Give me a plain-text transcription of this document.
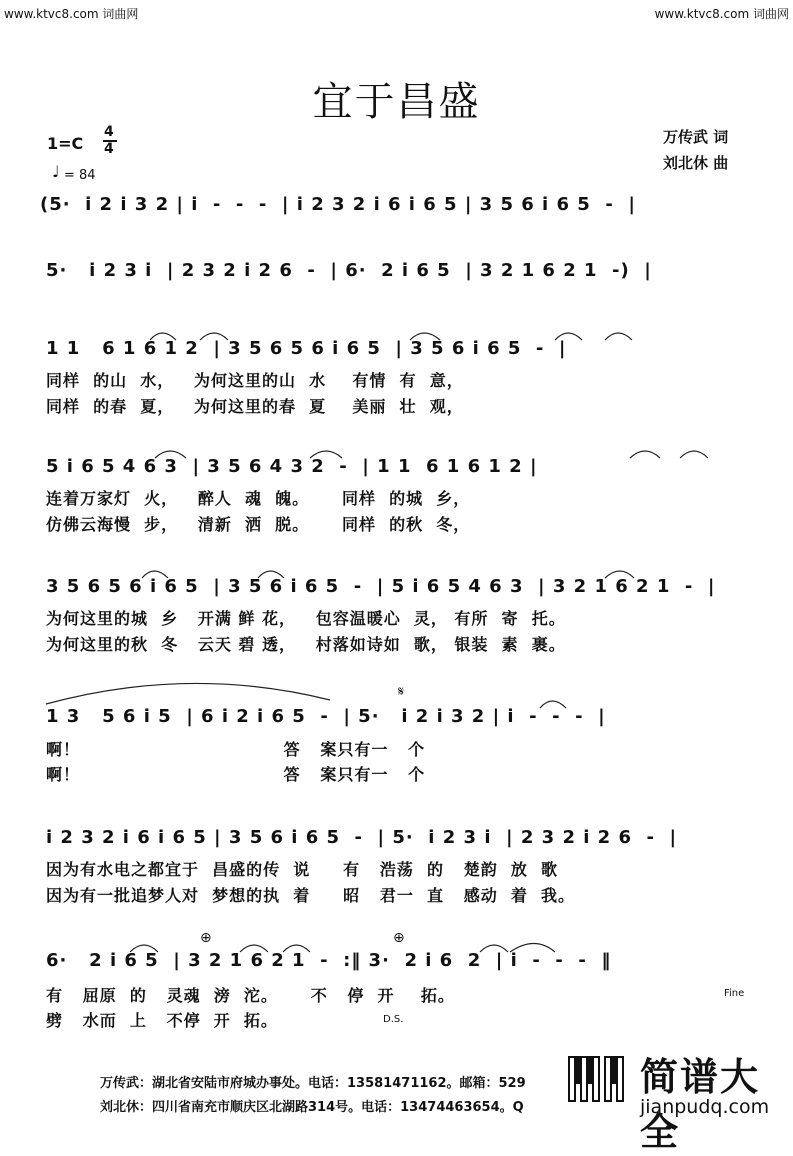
www.ktvc8.com 词曲网	www.ktvc8.com 词曲网
宜于昌盛
1=C
4
4
♩ = 84
万传武 词
刘北休 曲
(5·  i 2 i 3 2 | i  -  -  -  | i 2 3 2 i 6 i 6 5 | 3 5 6 i 6 5  -  |
5·   i 2 3 i  | 2 3 2 i 2 6  -  | 6·  2 i 6 5  | 3 2 1 6 2 1  -)  |
1 1   6 1 6 1 2  | 3 5 6 5 6 i 6 5  | 3 5 6 i 6 5  -  |
同样  的山  水，   为何这里的山  水    有情  有  意，
同样  的春  夏，   为何这里的春  夏    美丽  壮  观，
5 i 6 5 4 6 3  | 3 5 6 4 3 2  -  | 1 1  6 1 6 1 2 |
连着万家灯  火，   醉人  魂  魄。     同样  的城  乡，
仿佛云海慢  步，   清新  洒  脱。     同样  的秋  冬，
3 5 6 5 6 i 6 5  | 3 5 6 i 6 5  -  | 5 i 6 5 4 6 3  | 3 2 1 6 2 1  -  |
为何这里的城  乡   开满 鲜 花，   包容温暖心  灵， 有所  寄  托。
为何这里的秋  冬   云天 碧 透，   村落如诗如  歌， 银装  素  裹。
𝄋
1 3   5 6 i 5  | 6 i 2 i 6 5  -  | 5·   i 2 i 3 2 | i  -  -  -  |
啊！                               答   案只有一   个
啊！                               答   案只有一   个
i 2 3 2 i 6 i 6 5 | 3 5 6 i 6 5  -  | 5·  i 2 3 i  | 2 3 2 i 2 6  -  |
因为有水电之都宜于  昌盛的传  说     有   浩荡  的   楚韵  放  歌
因为有一批追梦人对  梦想的执  着     昭   君一  直   感动  着  我。
⊕	⊕
6·   2 i 6 5  | 3 2 1 6 2 1  -  :‖ 3·  2 i 6  2  | i  -  -  -  ‖
有   屈原  的   灵魂  滂  沱。     不   停  开    拓。
劈   水而  上   不停  开  拓。
Fine
D.S.
万传武：湖北省安陆市府城办事处。电话：13581471162。邮箱：529
刘北休：四川省南充市顺庆区北湖路314号。电话：13474463654。Q
简谱大全
jianpudq.com
